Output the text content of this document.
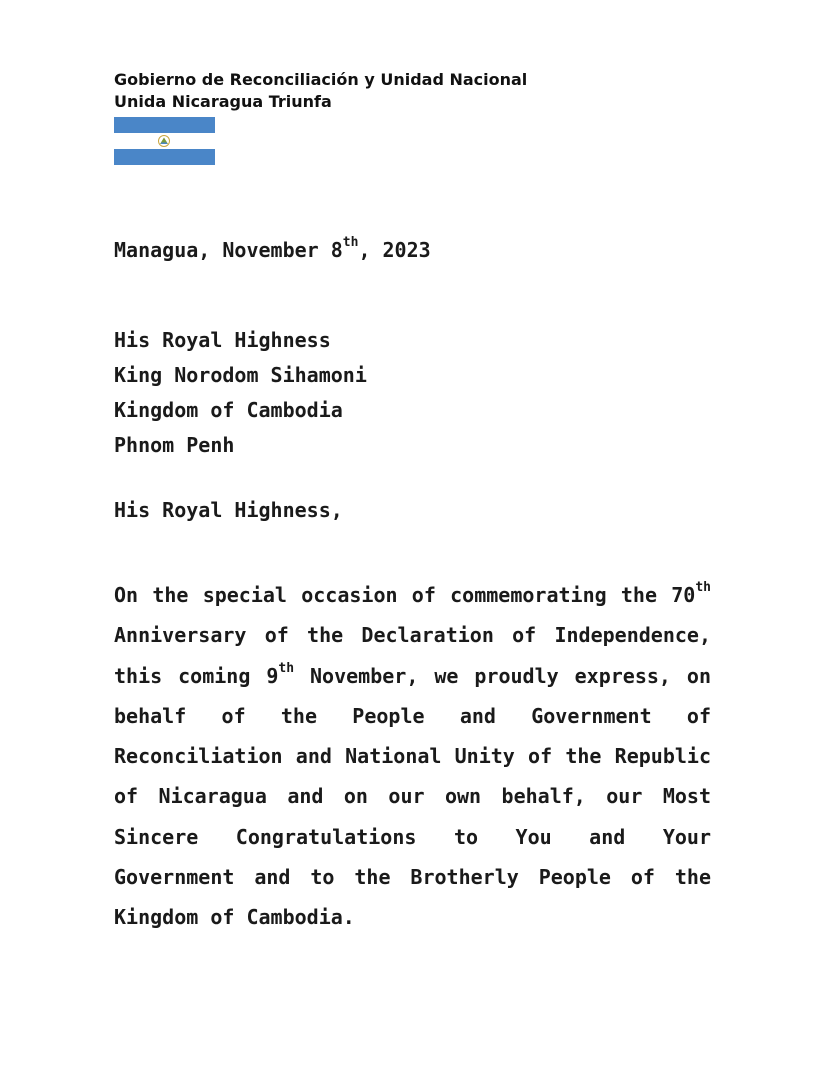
Gobierno de Reconciliación y Unidad Nacional
Unida Nicaragua Triunfa
Managua, November 8th, 2023
His Royal Highness
King Norodom Sihamoni
Kingdom of Cambodia
Phnom Penh
His Royal Highness,

On the special occasion of commemorating the 70th Anniversary of the Declaration of Independence, this coming 9th November, we proudly express, on behalf of the People and Government of Reconciliation and National Unity of the Republic of Nicaragua and on our own behalf, our Most Sincere Congratulations to You and Your Government and to the Brotherly People of the Kingdom of Cambodia.
